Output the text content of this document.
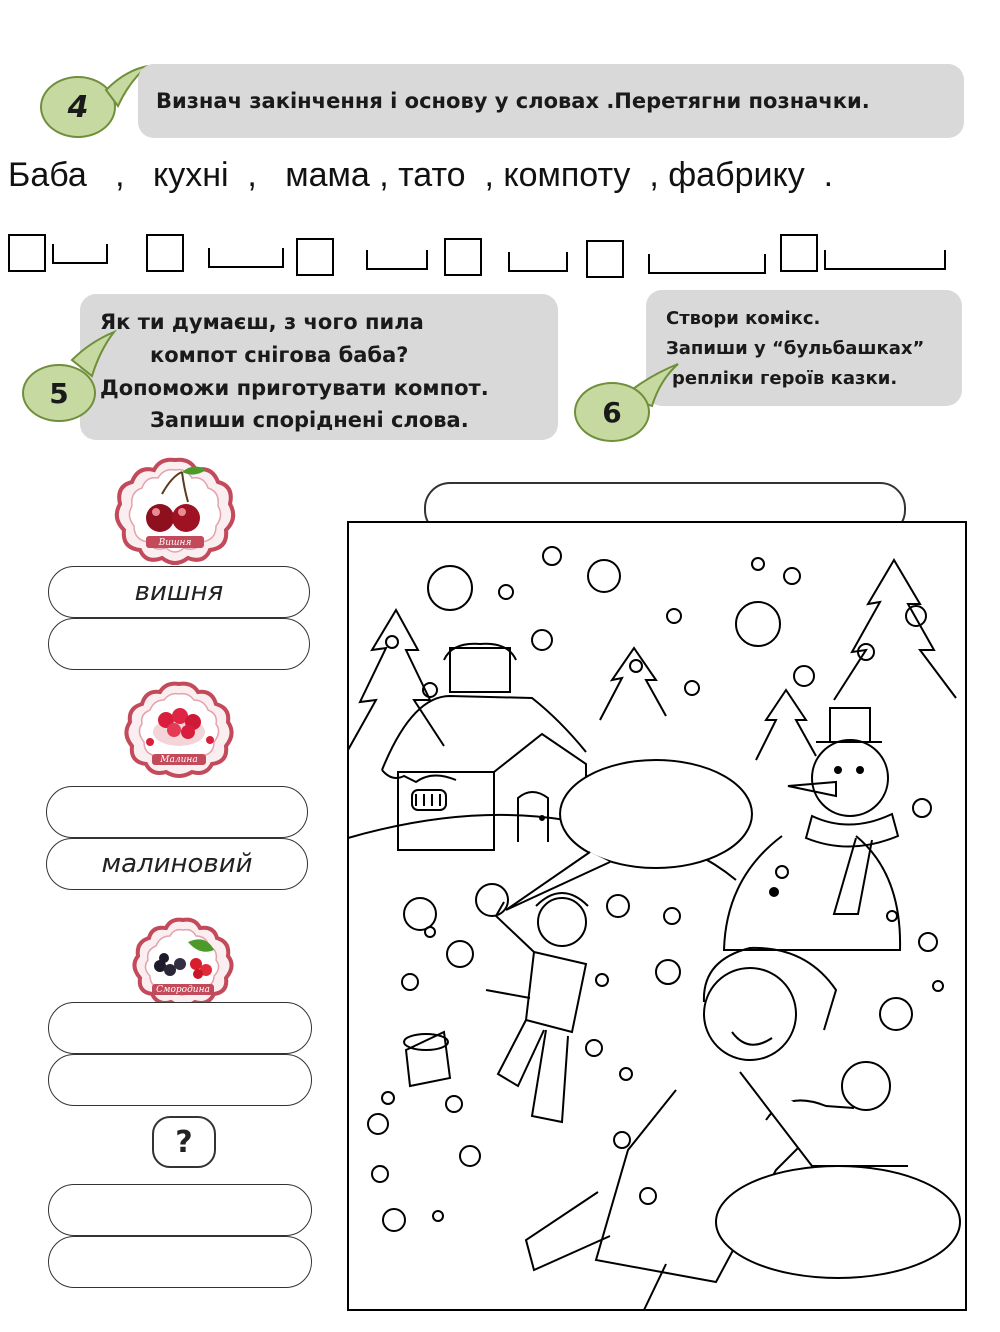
4	Визнач закінчення і основу у словах .Перетягни позначки.
Баба   ,   кухні  ,   мама , тато  , компоту  , фабрику  .
Як ти думаєш, з чого пила
компот снігова баба?
Допоможи приготувати компот.
Запиши споріднені слова.
5
Створи комікс.
Запиши у “бульбашках”
репліки героїв казки.
6
Вишня
вишня
Малина
малиновий
Смородина
?
